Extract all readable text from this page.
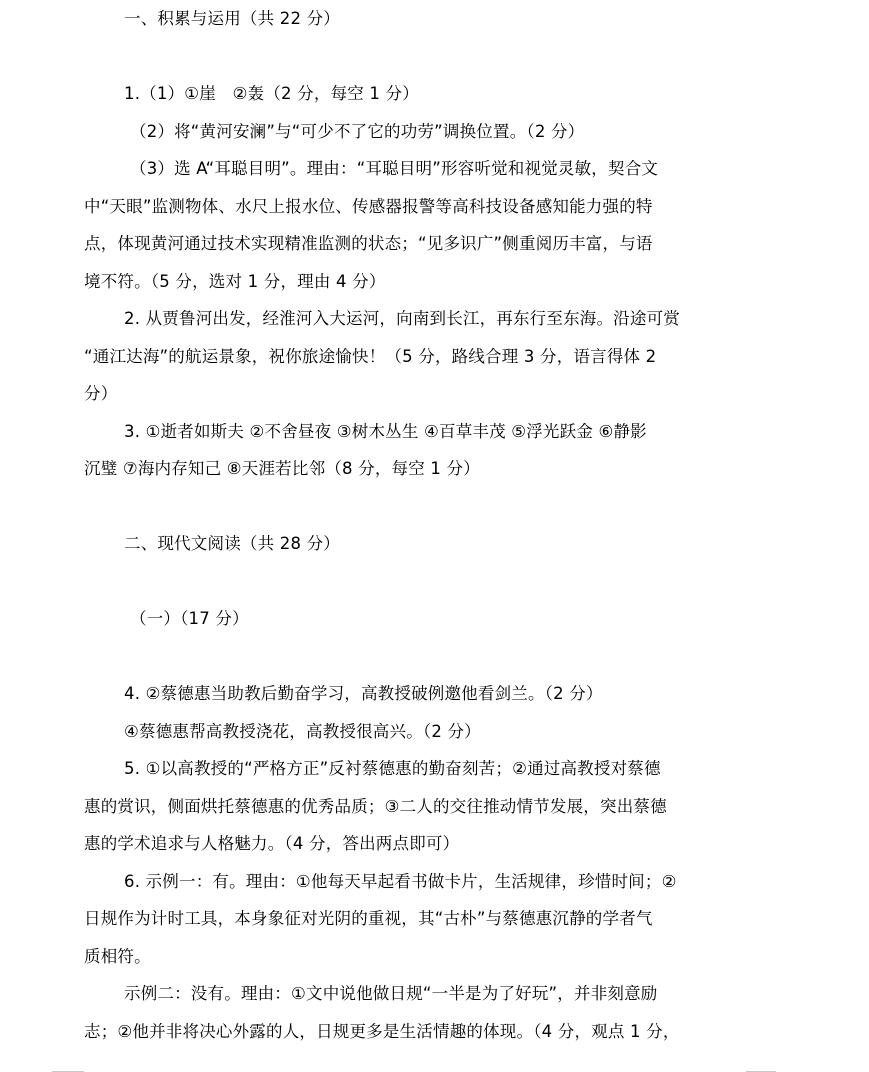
一、积累与运用（共 22 分）
1.（1）①崖　②轰（2 分，每空 1 分）
（2）将“黄河安澜”与“可少不了它的功劳”调换位置。（2 分）
（3）选 A“耳聪目明”。理由：“耳聪目明”形容听觉和视觉灵敏，契合文
中“天眼”监测物体、水尺上报水位、传感器报警等高科技设备感知能力强的特
点，体现黄河通过技术实现精准监测的状态；“见多识广”侧重阅历丰富，与语
境不符。（5 分，选对 1 分，理由 4 分）
2. 从贾鲁河出发，经淮河入大运河，向南到长江，再东行至东海。沿途可赏
“通江达海”的航运景象，祝你旅途愉快！（5 分，路线合理 3 分，语言得体 2
分）
3. ①逝者如斯夫 ②不舍昼夜 ③树木丛生 ④百草丰茂 ⑤浮光跃金 ⑥静影
沉璧 ⑦海内存知己 ⑧天涯若比邻（8 分，每空 1 分）
二、现代文阅读（共 28 分）
（一）（17 分）
4. ②蔡德惠当助教后勤奋学习，高教授破例邀他看剑兰。（2 分）
④蔡德惠帮高教授浇花，高教授很高兴。（2 分）
5. ①以高教授的“严格方正”反衬蔡德惠的勤奋刻苦；②通过高教授对蔡德
惠的赏识，侧面烘托蔡德惠的优秀品质；③二人的交往推动情节发展，突出蔡德
惠的学术追求与人格魅力。（4 分，答出两点即可）
6. 示例一：有。理由：①他每天早起看书做卡片，生活规律，珍惜时间；②
日规作为计时工具，本身象征对光阴的重视，其“古朴”与蔡德惠沉静的学者气
质相符。
示例二：没有。理由：①文中说他做日规“一半是为了好玩”，并非刻意励
志；②他并非将决心外露的人，日规更多是生活情趣的体现。（4 分，观点 1 分，
